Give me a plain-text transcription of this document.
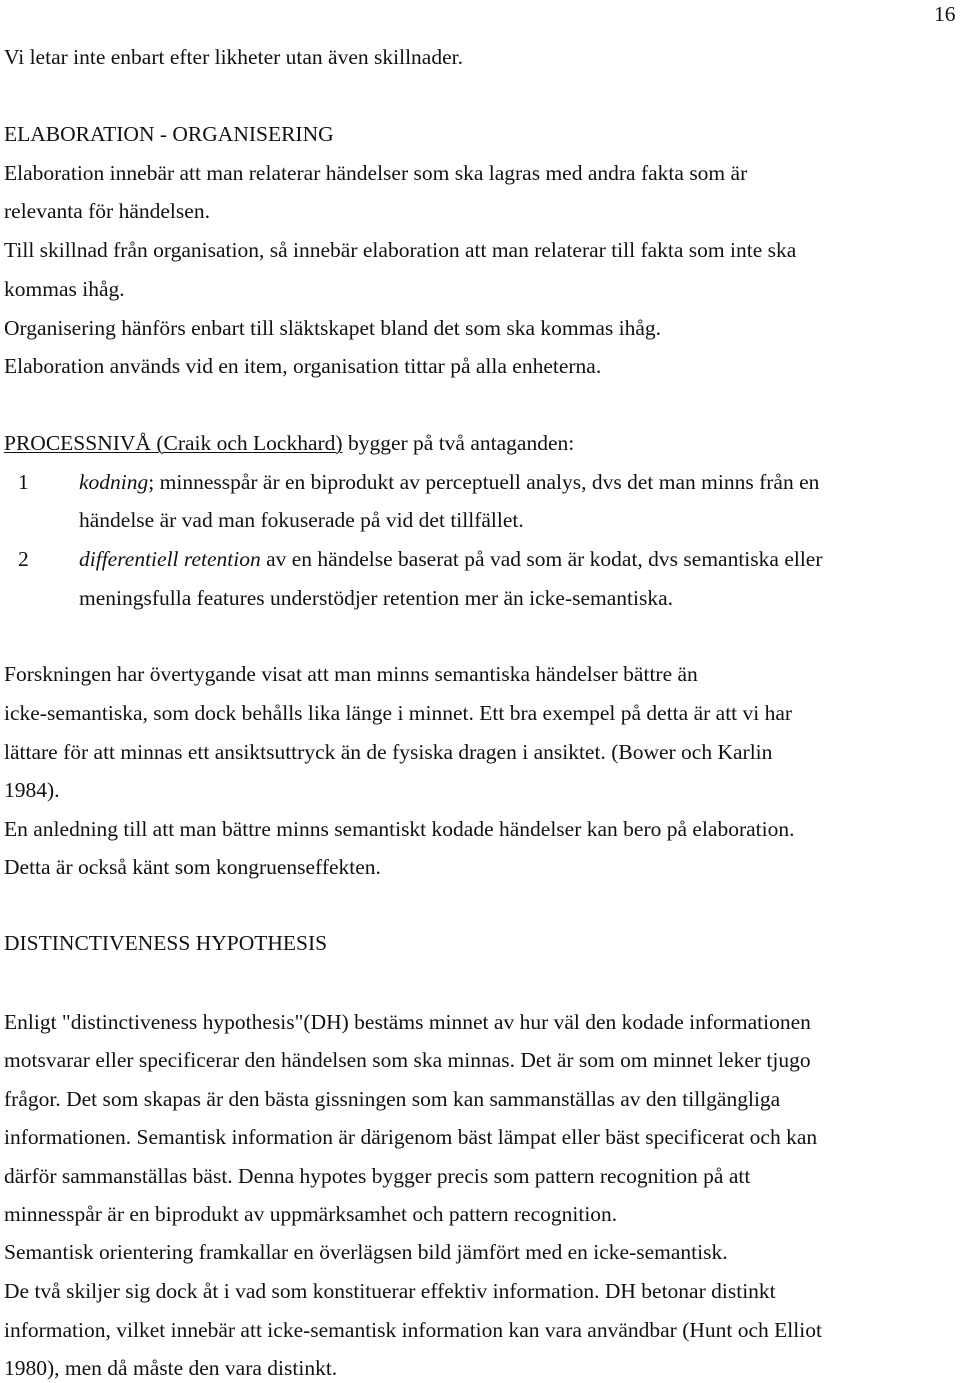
16

Vi letar inte enbart efter likheter utan även skillnader.

ELABORATION - ORGANISERING

Elaboration innebär att man relaterar händelser som ska lagras med andra fakta som är

relevanta för händelsen.

Till skillnad från organisation, så innebär elaboration att man relaterar till fakta som inte ska

kommas ihåg.

Organisering hänförs enbart till släktskapet bland det som ska kommas ihåg.

Elaboration används vid en item, organisation tittar på alla enheterna.

PROCESSNIVÅ (Craik och Lockhard) bygger på två antaganden:

1 kodning; minnesspår är en biprodukt av perceptuell analys, dvs det man minns från en
händelse är vad man fokuserade på vid det tillfället.
2 differentiell retention av en händelse baserat på vad som är kodat, dvs semantiska eller
meningsfulla features understödjer retention mer än icke-semantiska.

Forskningen har övertygande visat att man minns semantiska händelser bättre än

icke-semantiska, som dock behålls lika länge i minnet. Ett bra exempel på detta är att vi har

lättare för att minnas ett ansiktsuttryck än de fysiska dragen i ansiktet. (Bower och Karlin

1984).

En anledning till att man bättre minns semantiskt kodade händelser kan bero på elaboration.

Detta är också känt som kongruenseffekten.

DISTINCTIVENESS HYPOTHESIS

Enligt "distinctiveness hypothesis"(DH) bestäms minnet av hur väl den kodade informationen

motsvarar eller specificerar den händelsen som ska minnas. Det är som om minnet leker tjugo

frågor. Det som skapas är den bästa gissningen som kan sammanställas av den tillgängliga

informationen. Semantisk information är därigenom bäst lämpat eller bäst specificerat och kan

därför sammanställas bäst. Denna hypotes bygger precis som pattern recognition på att

minnesspår är en biprodukt av uppmärksamhet och pattern recognition.

Semantisk orientering framkallar en överlägsen bild jämfört med en icke-semantisk.

De två skiljer sig dock åt i vad som konstituerar effektiv information. DH betonar distinkt

information, vilket innebär att icke-semantisk information kan vara användbar (Hunt och Elliot

1980), men då måste den vara distinkt.
